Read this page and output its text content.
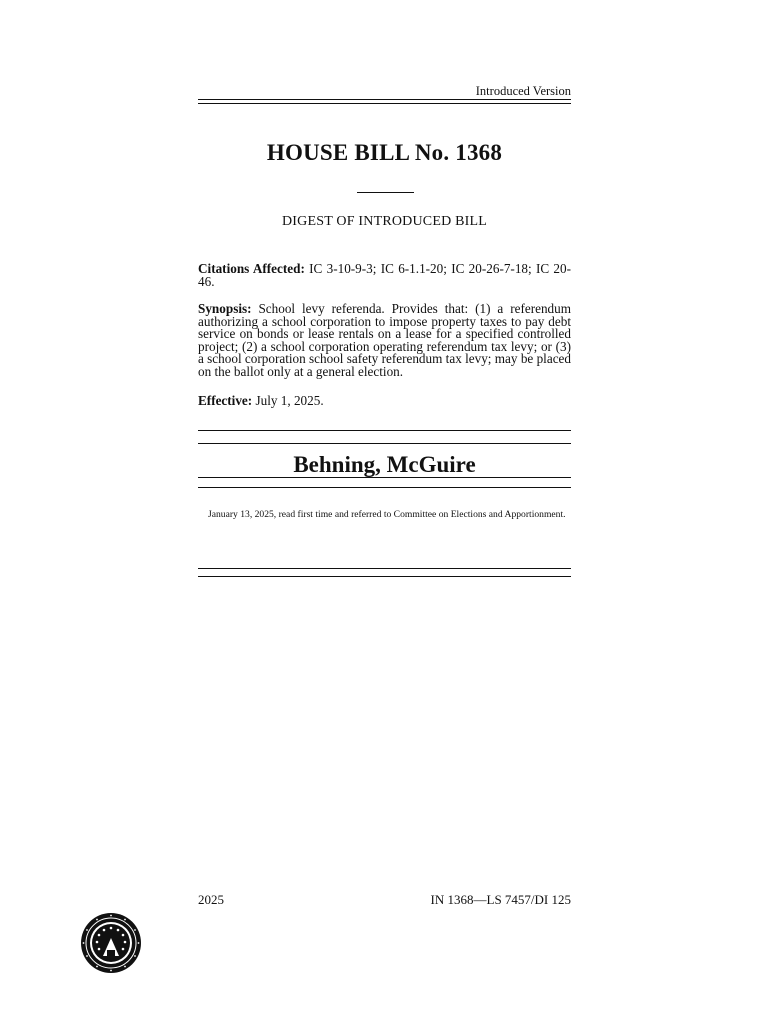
Introduced Version
HOUSE BILL No. 1368
DIGEST OF INTRODUCED BILL
Citations Affected: IC 3-10-9-3; IC 6-1.1-20; IC 20-26-7-18; IC 20-46.
Synopsis: School levy referenda. Provides that: (1) a referendum authorizing a school corporation to impose property taxes to pay debt service on bonds or lease rentals on a lease for a specified controlled project; (2) a school corporation operating referendum tax levy; or (3) a school corporation school safety referendum tax levy; may be placed on the ballot only at a general election.
Effective: July 1, 2025.
Behning, McGuire
January 13, 2025, read first time and referred to Committee on Elections and Apportionment.
2025	IN 1368—LS 7457/DI 125
